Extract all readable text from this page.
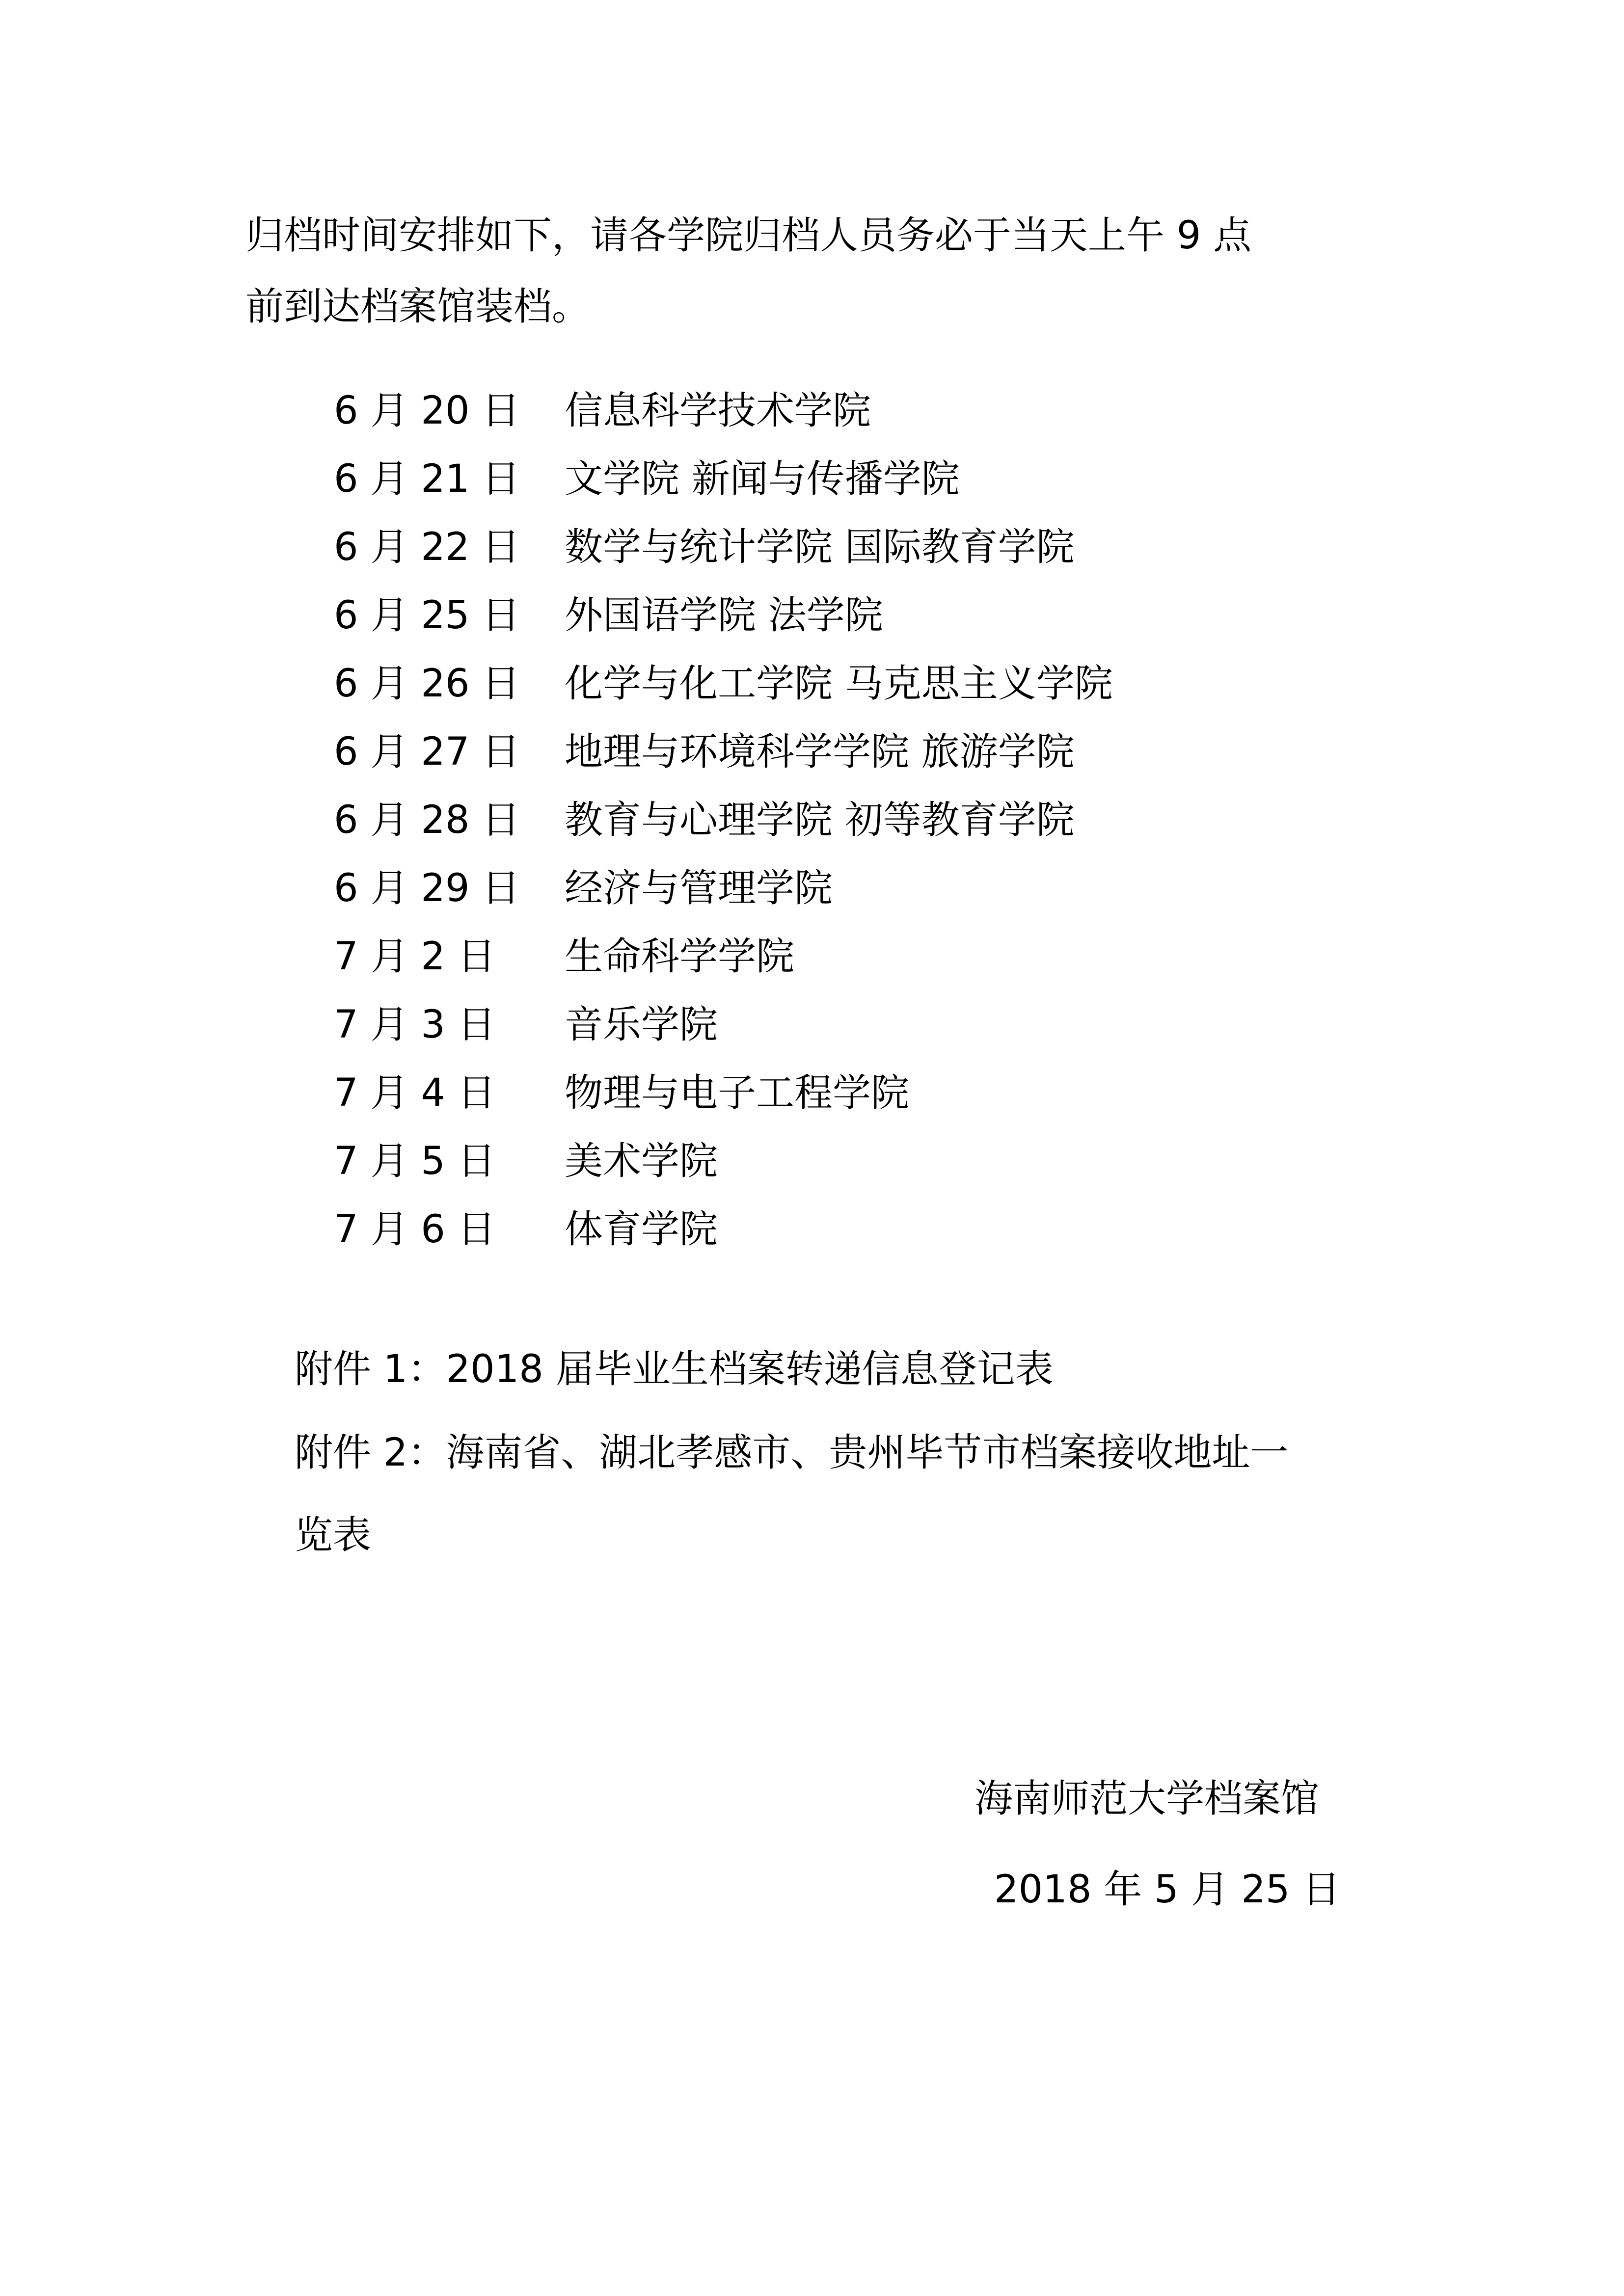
归档时间安排如下，请各学院归档人员务必于当天上午 9 点
前到达档案馆装档。
6 月 20 日 信息科学技术学院
6 月 21 日 文学院 新闻与传播学院
6 月 22 日 数学与统计学院 国际教育学院
6 月 25 日 外国语学院 法学院
6 月 26 日 化学与化工学院 马克思主义学院
6 月 27 日 地理与环境科学学院 旅游学院
6 月 28 日 教育与心理学院 初等教育学院
6 月 29 日 经济与管理学院
7 月 2 日 生命科学学院
7 月 3 日 音乐学院
7 月 4 日 物理与电子工程学院
7 月 5 日 美术学院
7 月 6 日 体育学院
附件 1：2018 届毕业生档案转递信息登记表
附件 2：海南省、湖北孝感市、贵州毕节市档案接收地址一
览表
海南师范大学档案馆
2018 年 5 月 25 日
